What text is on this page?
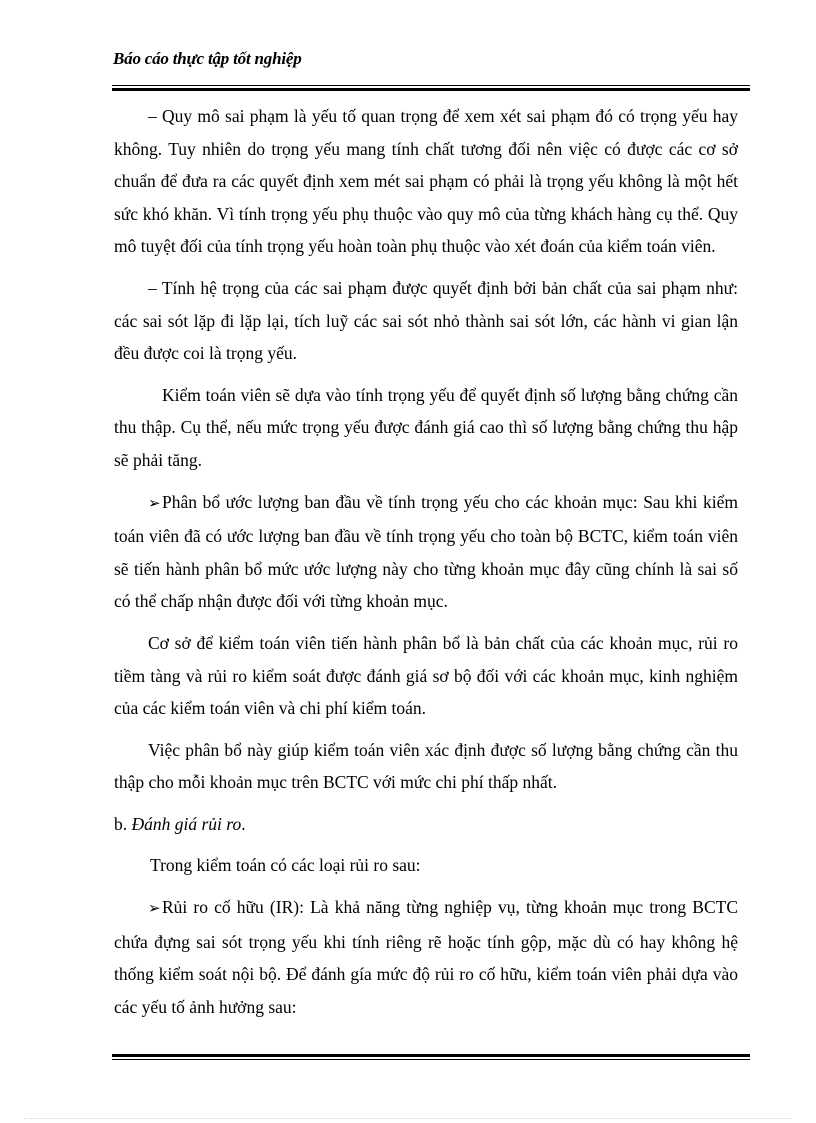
Báo cáo thực tập tốt nghiệp

– Quy mô sai phạm là yếu tố quan trọng để xem xét sai phạm đó có trọng yếu hay không. Tuy nhiên do trọng yếu mang tính chất tương đối nên việc có được các cơ sở chuẩn để đưa ra các quyết định xem mét sai phạm có phải là trọng yếu không là một hết sức khó khăn. Vì tính trọng yếu phụ thuộc vào quy mô của từng khách hàng cụ thể. Quy mô tuyệt đối của tính trọng yếu hoàn toàn phụ thuộc vào xét đoán của kiểm toán viên.

– Tính hệ trọng của các sai phạm được quyết định bởi bản chất của sai phạm như: các sai sót lặp đi lặp lại, tích luỹ các sai sót nhỏ thành sai sót lớn, các hành vi gian lận đều được coi là trọng yếu.

Kiểm toán viên sẽ dựa vào tính trọng yếu để quyết định số lượng bằng chứng cần thu thập. Cụ thể, nếu mức trọng yếu được đánh giá cao thì số lượng bằng chứng thu hập sẽ phải tăng.

➢Phân bổ ước lượng ban đầu về tính trọng yếu cho các khoản mục: Sau khi kiểm toán viên đã có ước lượng ban đầu về tính trọng yếu cho toàn bộ BCTC, kiểm toán viên sẽ tiến hành phân bổ mức ước lượng này cho từng khoản mục đây cũng chính là sai số có thể chấp nhận được đối với từng khoản mục.

Cơ sở để kiểm toán viên tiến hành phân bổ là bản chất của các khoản mục, rủi ro tiềm tàng và rủi ro kiểm soát được đánh giá sơ bộ đối với các khoản mục, kinh nghiệm của các kiểm toán viên và chi phí kiểm toán.

Việc phân bổ này giúp kiểm toán viên xác định được số lượng bằng chứng cần thu thập cho mỗi khoản mục trên BCTC với mức chi phí thấp nhất.

b. Đánh giá rủi ro.

Trong kiểm toán có các loại rủi ro sau:

➢Rủi ro cố hữu (IR): Là khả năng từng nghiệp vụ, từng khoản mục trong BCTC chứa đựng sai sót trọng yếu khi tính riêng rẽ hoặc tính gộp, mặc dù có hay không hệ thống kiểm soát nội bộ. Để đánh gía mức độ rủi ro cố hữu, kiểm toán viên phải dựa vào các yếu tố ảnh hưởng sau:
